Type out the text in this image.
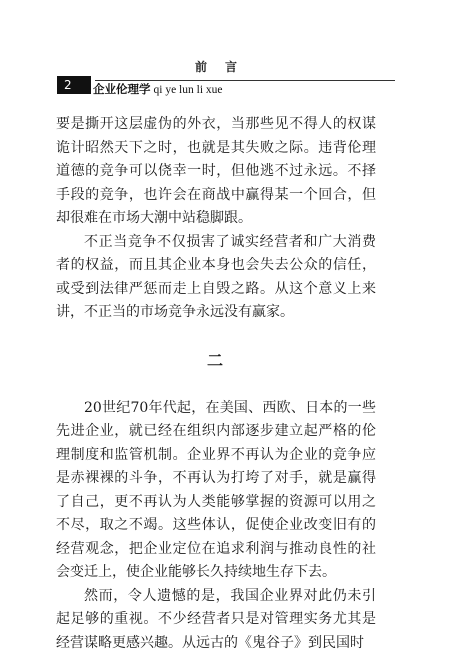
前言
2	企业伦理学 qi ye lun li xue

要是撕开这层虚伪的外衣，当那些见不得人的权谋诡计昭然天下之时，也就是其失败之际。违背伦理道德的竞争可以侥幸一时，但他逃不过永远。不择手段的竞争，也许会在商战中赢得某一个回合，但却很难在市场大潮中站稳脚跟。

不正当竞争不仅损害了诚实经营者和广大消费者的权益，而且其企业本身也会失去公众的信任，或受到法律严惩而走上自毁之路。从这个意义上来讲，不正当的市场竞争永远没有赢家。

二

20世纪70年代起，在美国、西欧、日本的一些先进企业，就已经在组织内部逐步建立起严格的伦理制度和监管机制。企业界不再认为企业的竞争应是赤裸裸的斗争，不再认为打垮了对手，就是赢得了自己，更不再认为人类能够掌握的资源可以用之不尽，取之不竭。这些体认，促使企业改变旧有的经营观念，把企业定位在追求利润与推动良性的社会变迁上，使企业能够长久持续地生存下去。

然而，令人遗憾的是，我国企业界对此仍未引起足够的重视。不少经营者只是对管理实务尤其是经营谋略更感兴趣。从远古的《鬼谷子》到民国时
